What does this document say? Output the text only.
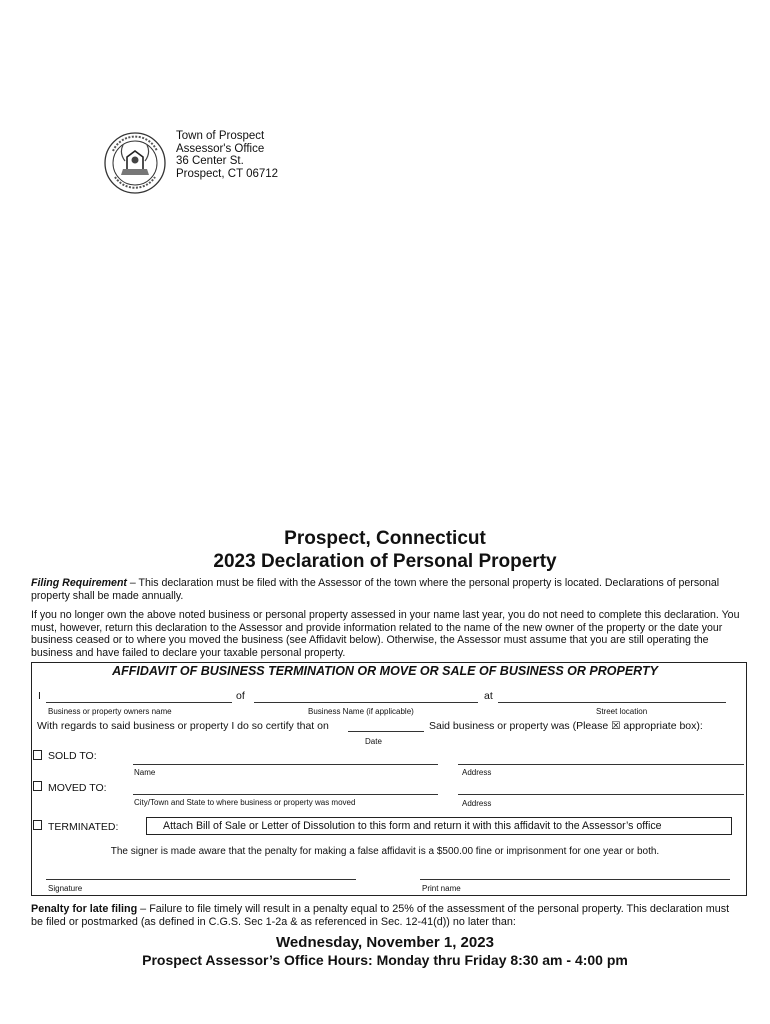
Town of Prospect
Assessor's Office
36 Center St.
Prospect, CT 06712
Prospect, Connecticut
2023 Declaration of Personal Property
Filing Requirement – This declaration must be filed with the Assessor of the town where the personal property is located. Declarations of personal property shall be made annually.
If you no longer own the above noted business or personal property assessed in your name last year, you do not need to complete this declaration. You must, however, return this declaration to the Assessor and provide information related to the name of the new owner of the property or the date your business ceased or to where you moved the business (see Affidavit below). Otherwise, the Assessor must assume that you are still operating the business and have failed to declare your taxable personal property.
AFFIDAVIT OF BUSINESS TERMINATION OR MOVE OR SALE OF BUSINESS OR PROPERTY
I	of	at
Business or property owners name	Business Name (if applicable)	Street location
With regards to said business or property I do so certify that on	Said business or property was (Please ☒ appropriate box):
Date
SOLD TO:
Name	Address
MOVED TO:
City/Town and State to where business or property was moved	Address
TERMINATED:	Attach Bill of Sale or Letter of Dissolution to this form and return it with this affidavit to the Assessor’s office
The signer is made aware that the penalty for making a false affidavit is a $500.00 fine or imprisonment for one year or both.
Signature	Print name
Penalty for late filing – Failure to file timely will result in a penalty equal to 25% of the assessment of the personal property. This declaration must be filed or postmarked (as defined in C.G.S. Sec 1-2a & as referenced in Sec. 12-41(d)) no later than:
Wednesday, November 1, 2023
Prospect Assessor’s Office Hours: Monday thru Friday 8:30 am - 4:00 pm
